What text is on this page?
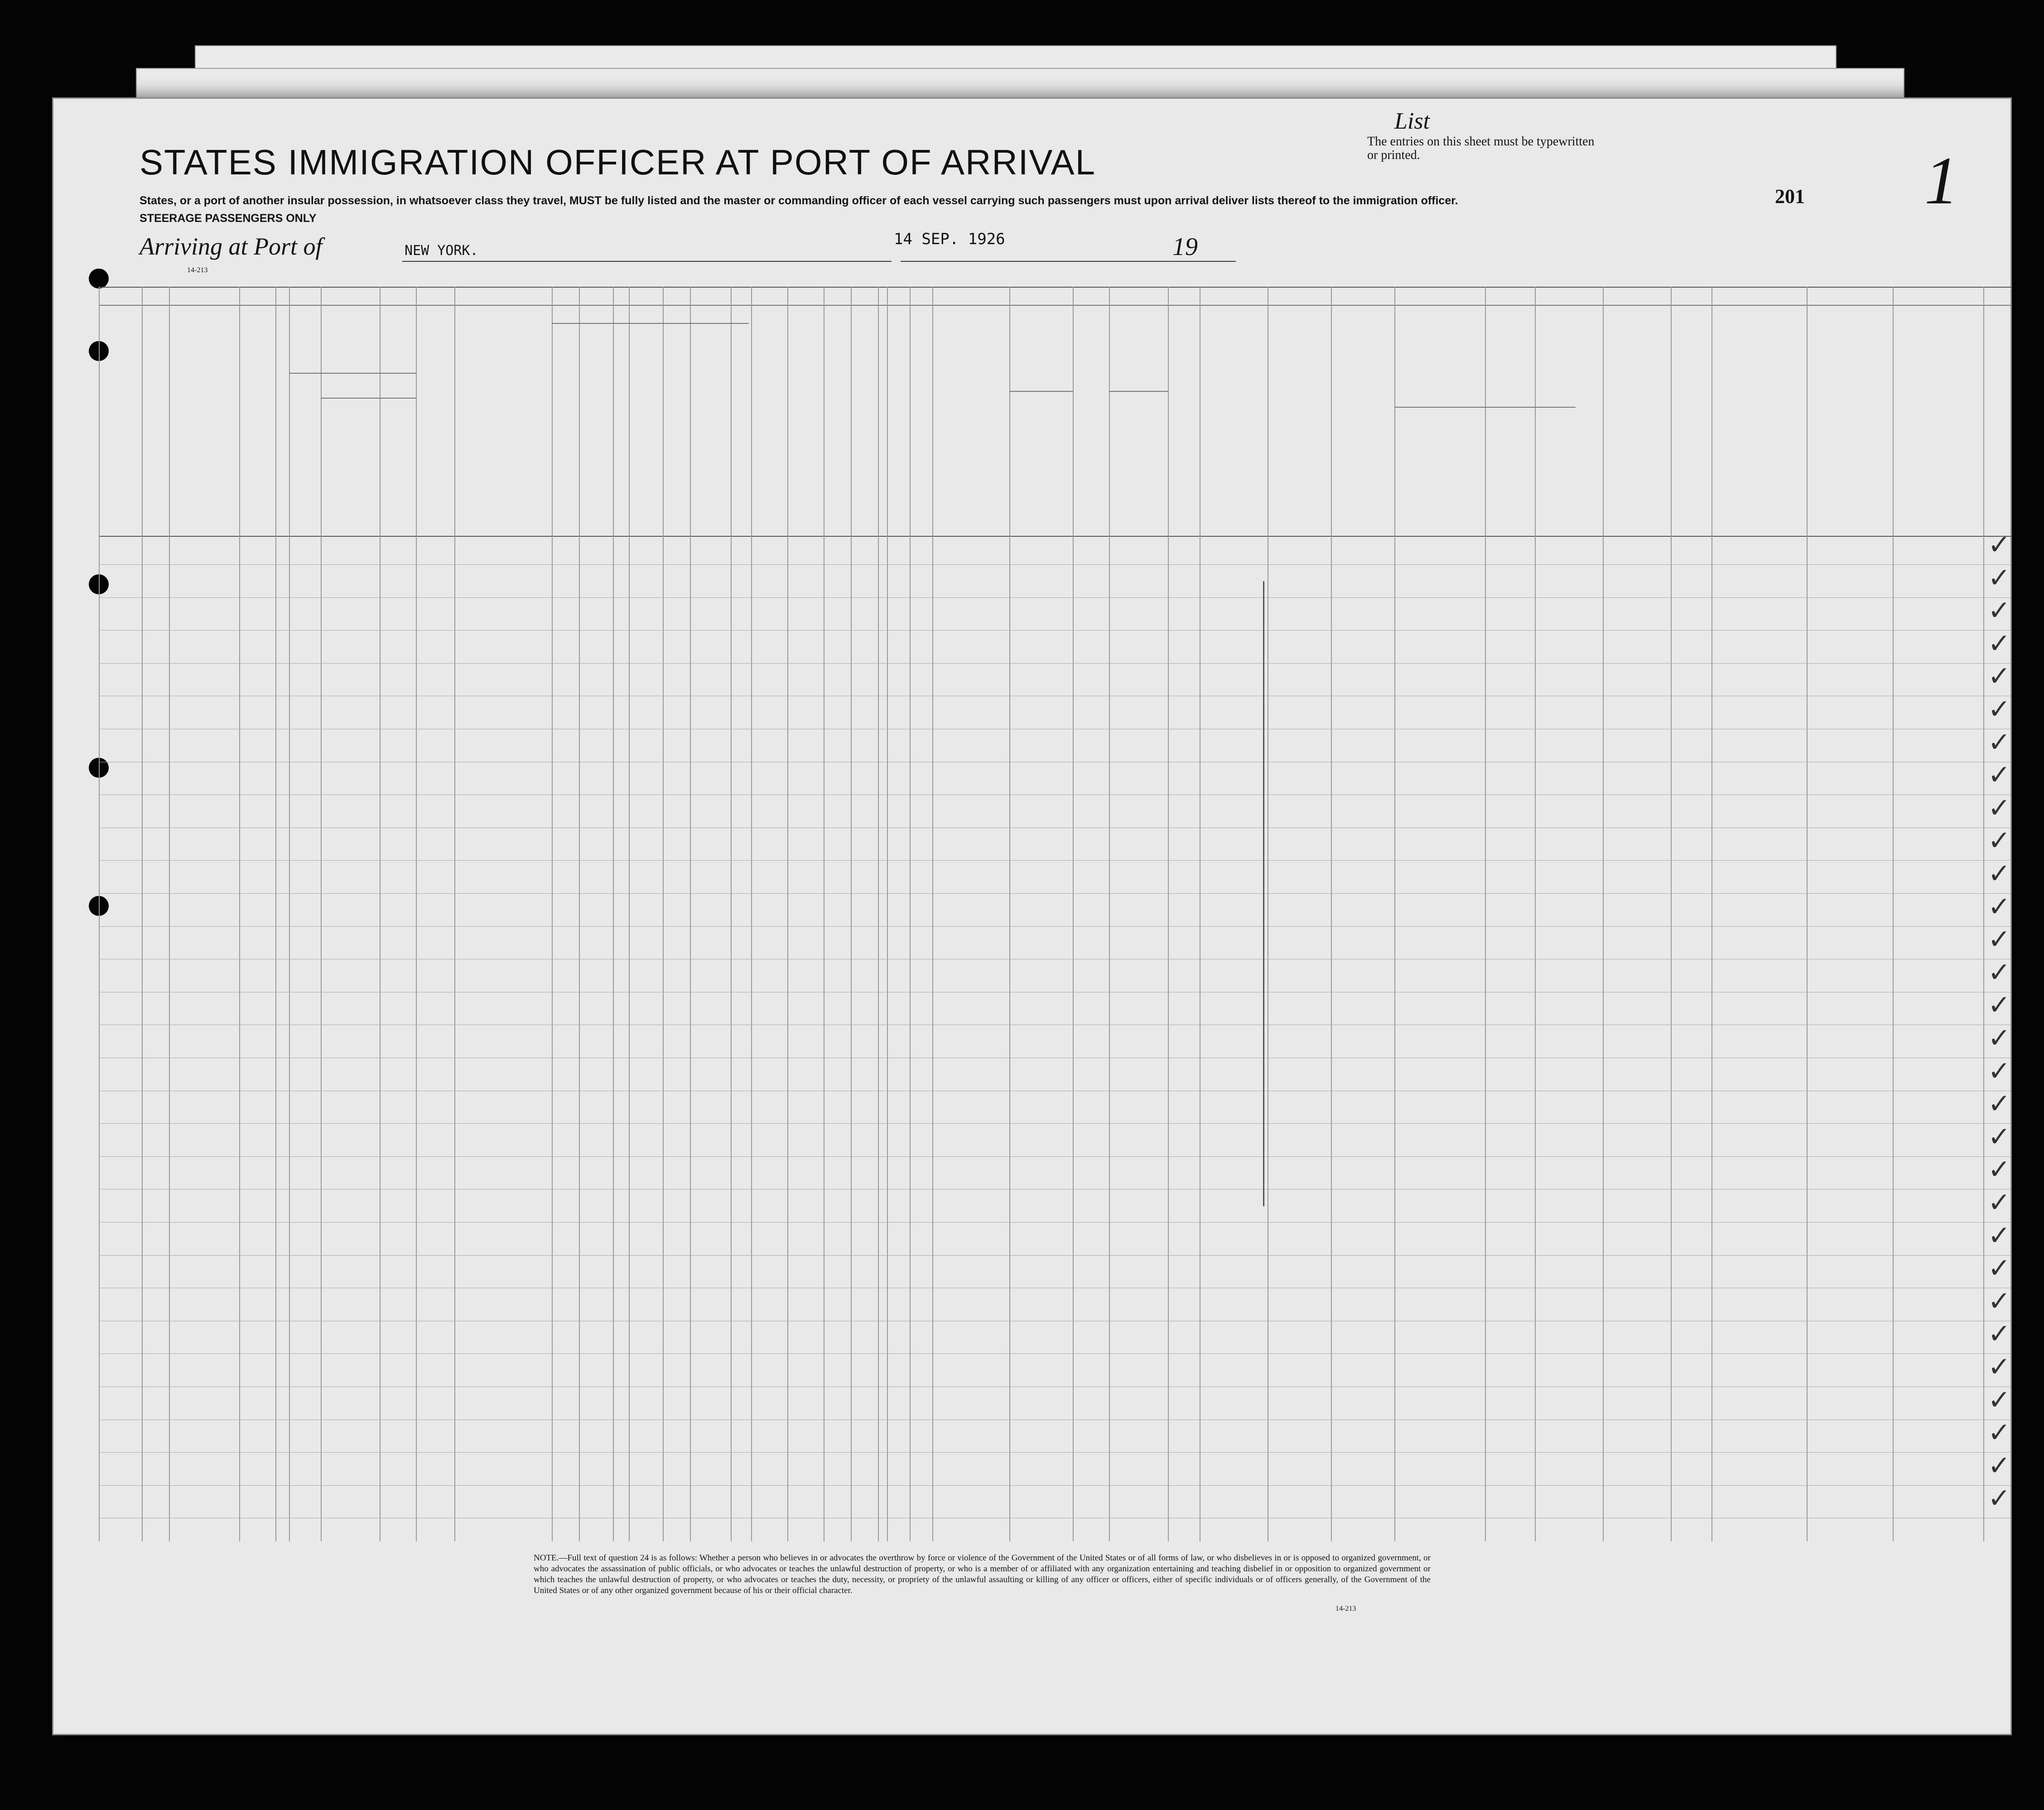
STATES IMMIGRATION OFFICER AT PORT OF ARRIVAL
List
The entries on this sheet must be typewritten or printed.
States, or a port of another insular possession, in whatsoever class they travel, MUST be fully listed and the master or commanding officer of each vessel carrying such passengers must upon arrival deliver lists thereof to the immigration officer.
STEERAGE PASSENGERS ONLY
Arriving at Port of	NEW YORK.
14 SEP. 1926	19
201 1
14-213
✓
✓
✓
✓
✓
✓
✓
✓
✓
✓
✓
✓
✓
✓
✓
✓
✓
✓
✓
✓
✓
✓
✓
✓
✓
✓
✓
✓
✓
✓
NOTE.—Full text of question 24 is as follows: Whether a person who believes in or advocates the overthrow by force or violence of the Government of the United States or of all forms of law, or who disbelieves in or is opposed to organized government, or who advocates the assassination of public officials, or who advocates or teaches the unlawful destruction of property, or who is a member of or affiliated with any organization entertaining and teaching disbelief in or opposition to organized government or which teaches the unlawful destruction of property, or who advocates or teaches the duty, necessity, or propriety of the unlawful assaulting or killing of any officer or officers, either of specific individuals or of officers generally, of the Government of the United States or of any other organized government because of his or their official character.
14-213
